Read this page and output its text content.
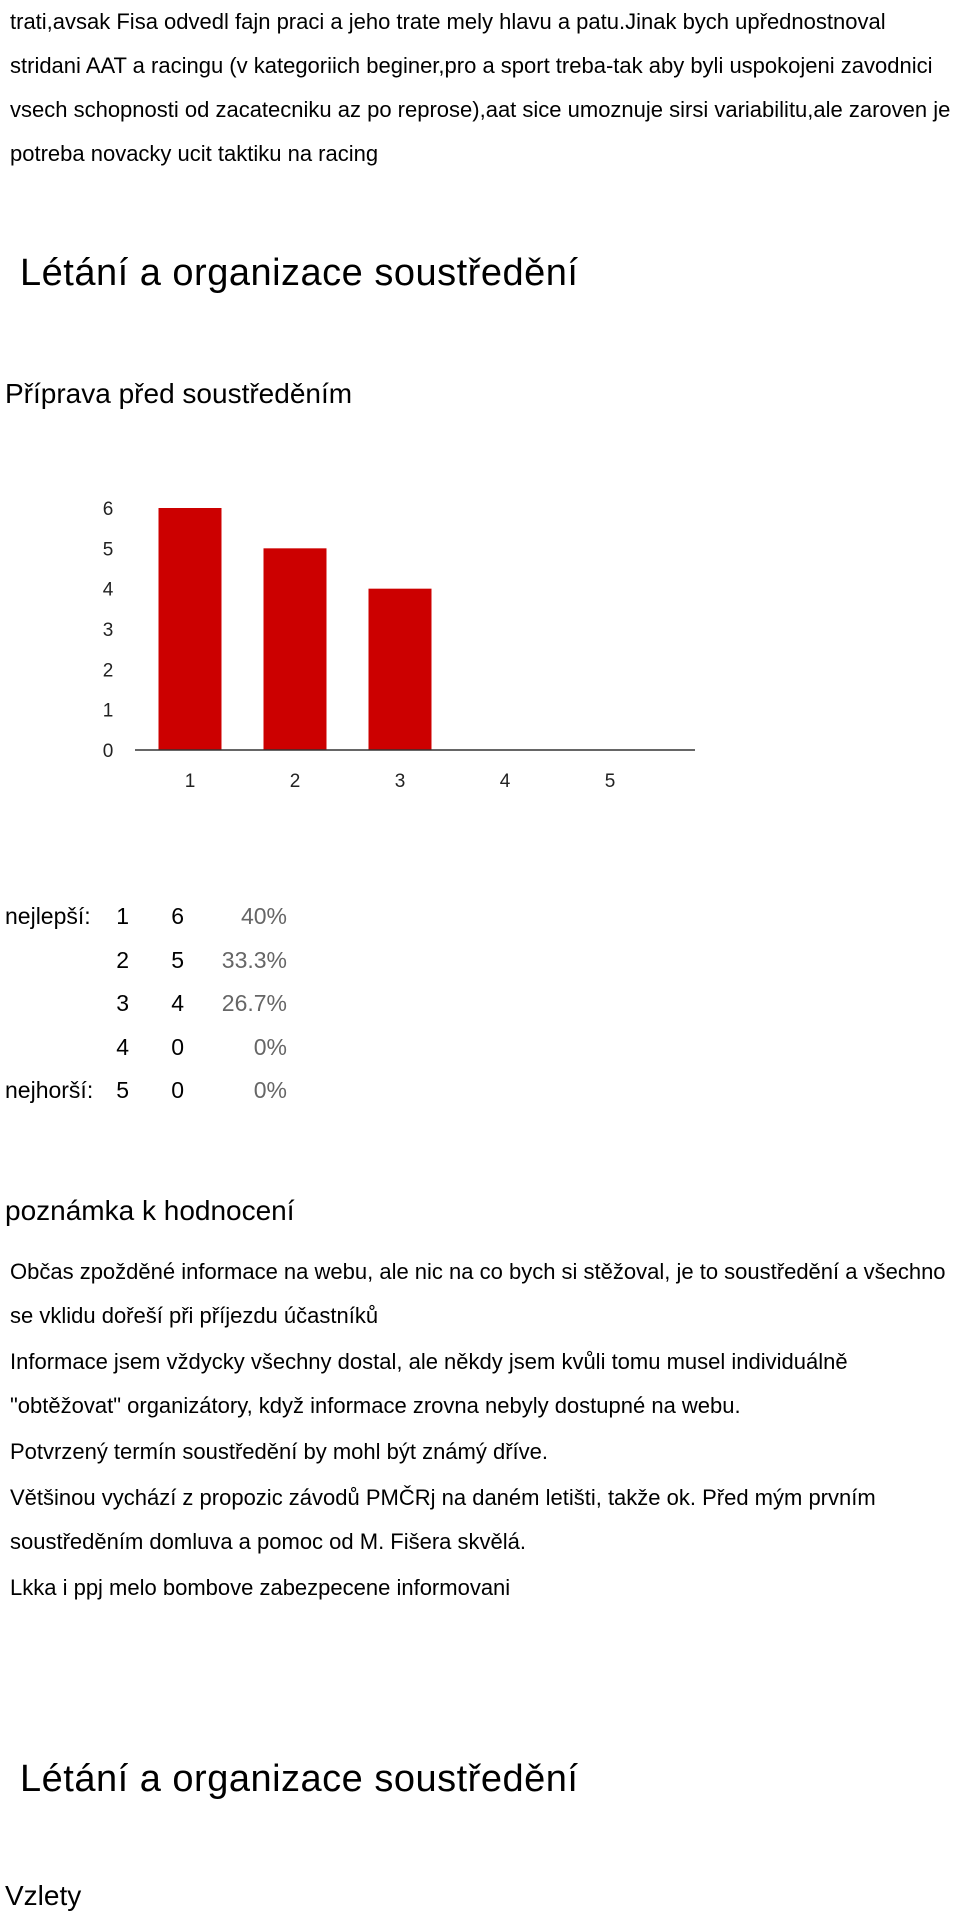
trati,avsak Fisa odvedl fajn praci a jeho trate mely hlavu a patu.Jinak bych upřednostnoval stridani AAT a racingu (v kategoriich beginer,pro a sport treba-tak aby byli uspokojeni zavodnici vsech schopnosti od zacatecniku az po reprose),aat sice umoznuje sirsi variabilitu,ale zaroven je potreba novacky ucit taktiku na racing

Létání a organizace soustředění
Příprava před soustředěním
0
1
2
3
4
5
6
1	2	3	4	5
nejlepší:	1	6	40%
	2	5	33.3%
	3	4	26.7%
	4	0	0%
nejhorší:	5	0	0%
poznámka k hodnocení

Občas zpožděné informace na webu, ale nic na co bych si stěžoval, je to soustředění a všechno se vklidu dořeší při příjezdu účastníků

Informace jsem vždycky všechny dostal, ale někdy jsem kvůli tomu musel individuálně "obtěžovat" organizátory, když informace zrovna nebyly dostupné na webu.

Potvrzený termín soustředění by mohl být známý dříve.

Většinou vychází z propozic závodů PMČRj na daném letišti, takže ok. Před mým prvním soustředěním domluva a pomoc od M. Fišera skvělá.

Lkka i ppj melo bombove zabezpecene informovani

Létání a organizace soustředění
Vzlety
